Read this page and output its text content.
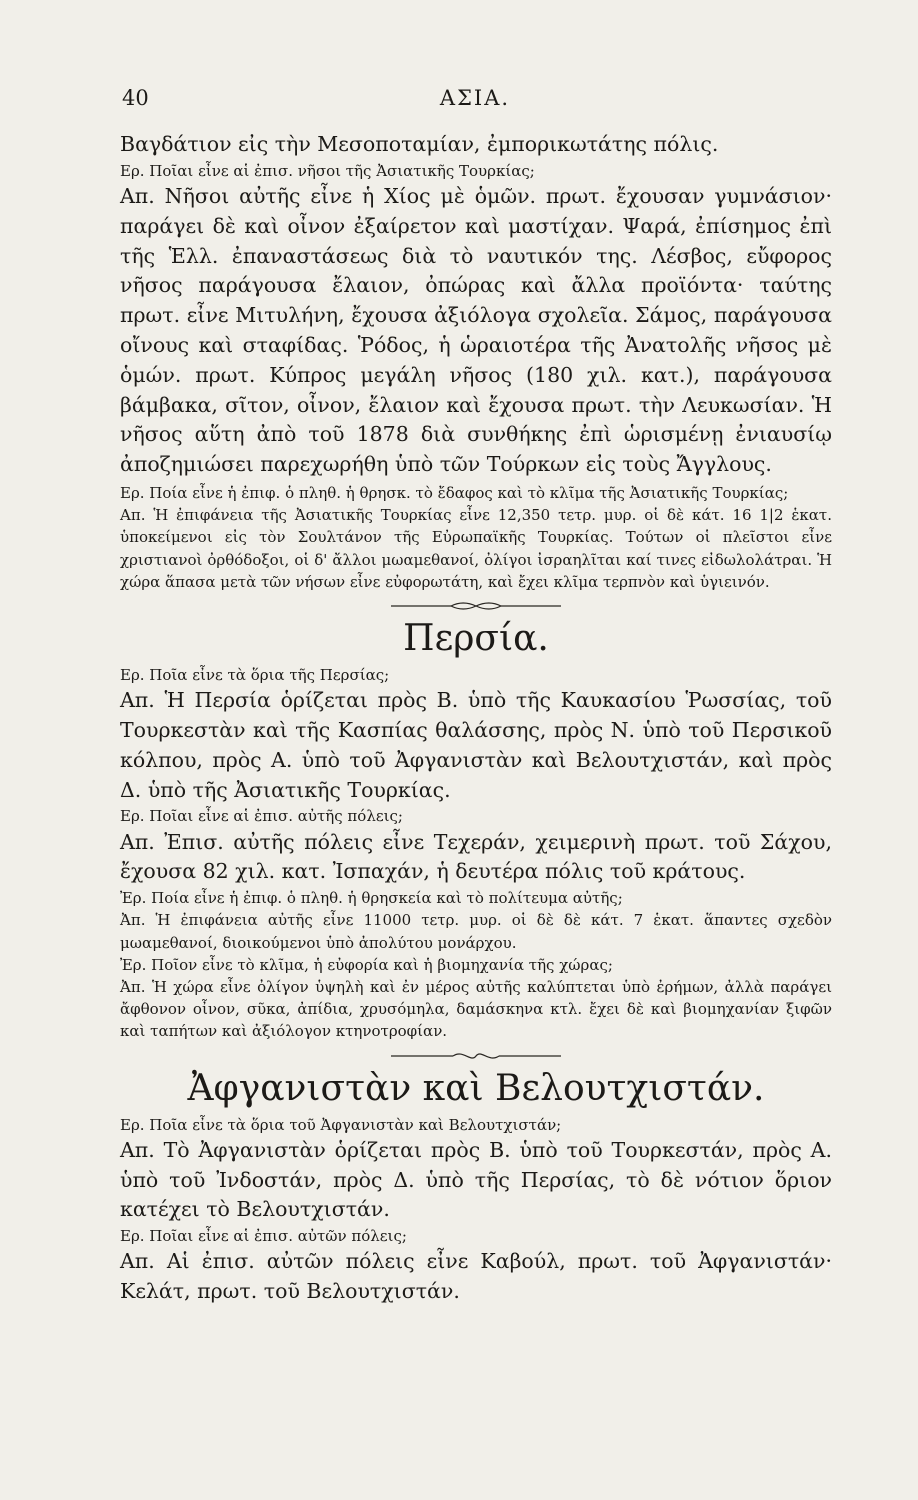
40	ΑΣΙΑ.

Βαγδάτιον εἰς τὴν Μεσοποταμίαν, ἐμπορικωτάτης πόλις.

Ερ. Ποῖαι εἶνε αἱ ἐπισ. νῆσοι τῆς Ἀσιατικῆς Τουρκίας;

Απ. Νῆσοι αὐτῆς εἶνε ἡ Χίος μὲ ὁμῶν. πρωτ. ἔχουσαν γυμνάσιον· παράγει δὲ καὶ οἶνον ἐξαίρετον καὶ μαστίχαν. Ψαρά, ἐπίσημος ἐπὶ τῆς Ἑλλ. ἐπαναστάσεως διὰ τὸ ναυτικόν της. Λέσβος, εὔφορος νῆσος παράγουσα ἔλαιον, ὀπώρας καὶ ἄλλα προϊόντα· ταύτης πρωτ. εἶνε Μιτυλήνη, ἔχουσα ἀξιόλογα σχολεῖα. Σάμος, παράγουσα οἴνους καὶ σταφίδας. Ῥόδος, ἡ ὡραιοτέρα τῆς Ἀνατολῆς νῆσος μὲ ὁμών. πρωτ. Κύπρος μεγάλη νῆσος (180 χιλ. κατ.), παράγουσα βάμβακα, σῖτον, οἶνον, ἔλαιον καὶ ἔχουσα πρωτ. τὴν Λευκωσίαν. Ἡ νῆσος αὕτη ἀπὸ τοῦ 1878 διὰ συνθήκης ἐπὶ ὡρισμένῃ ἐνιαυσίῳ ἀποζημιώσει παρεχωρήθη ὑπὸ τῶν Τούρκων εἰς τοὺς Ἄγγλους.

Ερ. Ποία εἶνε ἡ ἐπιφ. ὁ πληθ. ἡ θρησκ. τὸ ἔδαφος καὶ τὸ κλῖμα τῆς Ἀσιατικῆς Τουρκίας;

Απ. Ἡ ἐπιφάνεια τῆς Ἀσιατικῆς Τουρκίας εἶνε 12,350 τετρ. μυρ. οἱ δὲ κάτ. 16 1|2 ἑκατ. ὑποκείμενοι εἰς τὸν Σουλτάνον τῆς Εὐρωπαϊκῆς Τουρκίας. Τούτων οἱ πλεῖστοι εἶνε χριστιανοὶ ὀρθόδοξοι, οἱ δ' ἄλλοι μωαμεθανοί, ὀλίγοι ἰσραηλῖται καί τινες εἰδωλολάτραι. Ἡ χώρα ἅπασα μετὰ τῶν νήσων εἶνε εὐφορωτάτη, καὶ ἔχει κλῖμα τερπνὸν καὶ ὑγιεινόν.

Περσία.

Ερ. Ποῖα εἶνε τὰ ὅρια τῆς Περσίας;

Απ. Ἡ Περσία ὁρίζεται πρὸς Β. ὑπὸ τῆς Καυκασίου Ῥωσσίας, τοῦ Τουρκεστὰν καὶ τῆς Κασπίας θαλάσσης, πρὸς Ν. ὑπὸ τοῦ Περσικοῦ κόλπου, πρὸς Α. ὑπὸ τοῦ Ἀφγανιστὰν καὶ Βελουτχιστάν, καὶ πρὸς Δ. ὑπὸ τῆς Ἀσιατικῆς Τουρκίας.

Ερ. Ποῖαι εἶνε αἱ ἐπισ. αὐτῆς πόλεις;

Απ. Ἐπισ. αὐτῆς πόλεις εἶνε Τεχεράν, χειμερινὴ πρωτ. τοῦ Σάχου, ἔχουσα 82 χιλ. κατ. Ἰσπαχάν, ἡ δευτέρα πόλις τοῦ κράτους.

Ἐρ. Ποία εἶνε ἡ ἐπιφ. ὁ πληθ. ἡ θρησκεία καὶ τὸ πολίτευμα αὐτῆς;

Ἀπ. Ἡ ἐπιφάνεια αὐτῆς εἶνε 11000 τετρ. μυρ. οἱ δὲ δὲ κάτ. 7 ἑκατ. ἅπαντες σχεδὸν μωαμεθανοί, διοικούμενοι ὑπὸ ἀπολύτου μονάρχου.

Ἐρ. Ποῖον εἶνε τὸ κλῖμα, ἡ εὐφορία καὶ ἡ βιομηχανία τῆς χώρας;

Ἀπ. Ἡ χώρα εἶνε ὀλίγον ὑψηλὴ καὶ ἐν μέρος αὐτῆς καλύπτεται ὑπὸ ἐρήμων, ἀλλὰ παράγει ἄφθονον οἶνον, σῦκα, ἀπίδια, χρυσόμηλα, δαμάσκηνα κτλ. ἔχει δὲ καὶ βιομηχανίαν ξιφῶν καὶ ταπήτων καὶ ἀξιόλογον κτηνοτροφίαν.

Ἀφγανιστὰν καὶ Βελουτχιστάν.

Ερ. Ποῖα εἶνε τὰ ὅρια τοῦ Ἀφγανιστὰν καὶ Βελουτχιστάν;

Απ. Τὸ Ἀφγανιστὰν ὁρίζεται πρὸς Β. ὑπὸ τοῦ Τουρκεστάν, πρὸς Α. ὑπὸ τοῦ Ἰνδοστάν, πρὸς Δ. ὑπὸ τῆς Περσίας, τὸ δὲ νότιον ὅριον κατέχει τὸ Βελουτχιστάν.

Ερ. Ποῖαι εἶνε αἱ ἐπισ. αὐτῶν πόλεις;

Απ. Αἱ ἐπισ. αὐτῶν πόλεις εἶνε Καβούλ, πρωτ. τοῦ Ἀφγανιστάν· Κελάτ, πρωτ. τοῦ Βελουτχιστάν.
